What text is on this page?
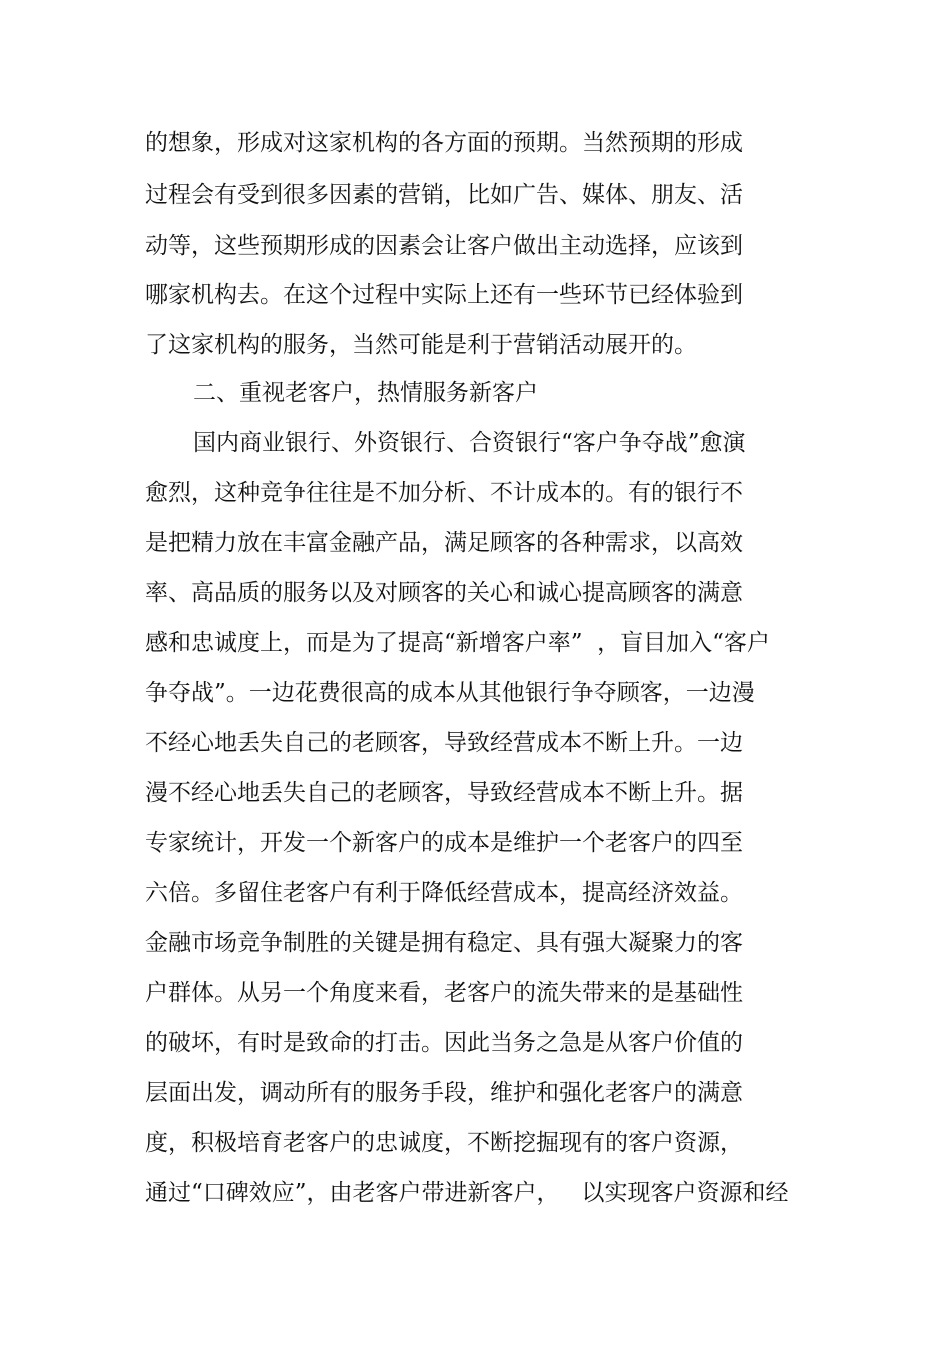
的想象，形成对这家机构的各方面的预期。当然预期的形成
过程会有受到很多因素的营销，比如广告、媒体、朋友、活
动等，这些预期形成的因素会让客户做出主动选择，应该到
哪家机构去。在这个过程中实际上还有一些环节已经体验到
了这家机构的服务，当然可能是利于营销活动展开的。
二、重视老客户，热情服务新客户
国内商业银行、外资银行、合资银行“客户争夺战”愈演
愈烈，这种竞争往往是不加分析、不计成本的。有的银行不
是把精力放在丰富金融产品，满足顾客的各种需求，以高效
率、高品质的服务以及对顾客的关心和诚心提高顾客的满意
感和忠诚度上，而是为了提高“新增客户率”  ，盲目加入“客户
争夺战”。一边花费很高的成本从其他银行争夺顾客，一边漫
不经心地丢失自己的老顾客，导致经营成本不断上升。一边
漫不经心地丢失自己的老顾客，导致经营成本不断上升。据
专家统计，开发一个新客户的成本是维护一个老客户的四至
六倍。多留住老客户有利于降低经营成本，提高经济效益。
金融市场竞争制胜的关键是拥有稳定、具有强大凝聚力的客
户群体。从另一个角度来看，老客户的流失带来的是基础性
的破坏，有时是致命的打击。因此当务之急是从客户价值的
层面出发，调动所有的服务手段，维护和强化老客户的满意
度，积极培育老客户的忠诚度，不断挖掘现有的客户资源，
通过“口碑效应”，由老客户带进新客户，   以实现客户资源和经
